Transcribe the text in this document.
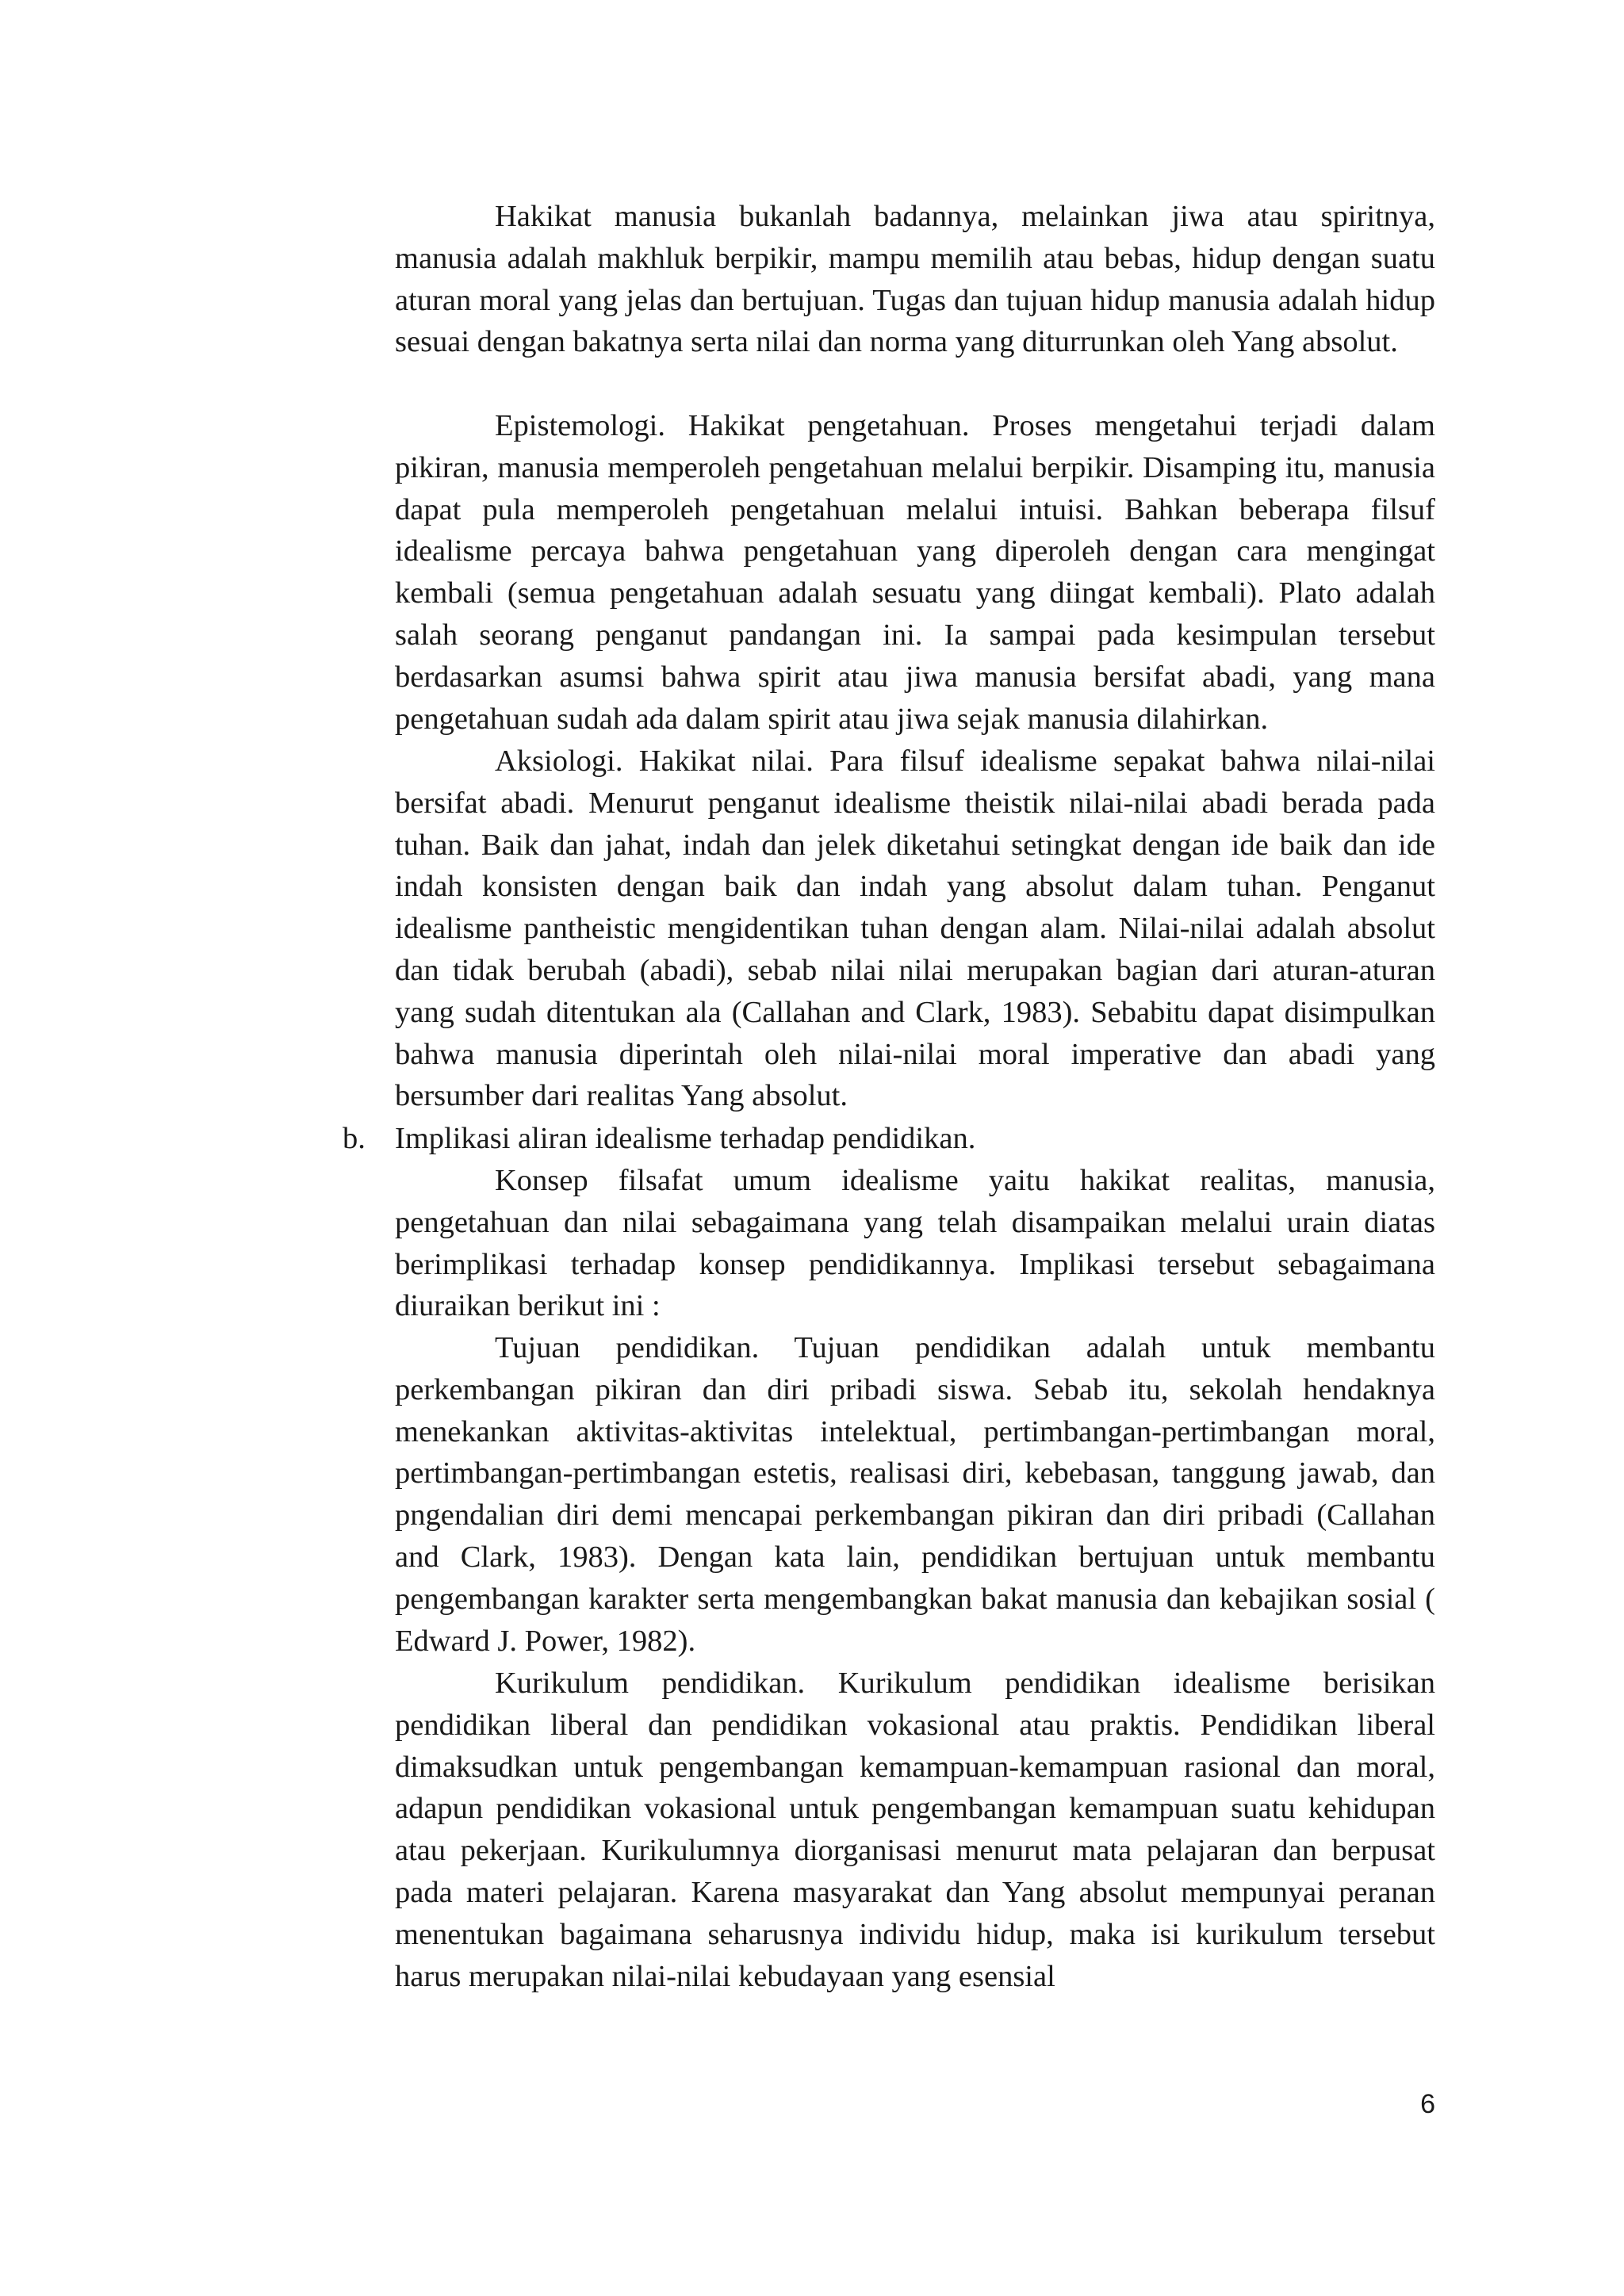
Hakikat manusia bukanlah badannya, melainkan jiwa atau spiritnya, manusia adalah makhluk berpikir, mampu memilih atau bebas, hidup dengan suatu aturan moral yang jelas dan bertujuan. Tugas dan tujuan hidup manusia adalah hidup sesuai dengan bakatnya serta nilai dan norma yang diturrunkan oleh Yang absolut.

Epistemologi. Hakikat pengetahuan. Proses mengetahui terjadi dalam pikiran, manusia memperoleh pengetahuan melalui berpikir. Disamping itu, manusia dapat pula memperoleh pengetahuan melalui intuisi. Bahkan beberapa filsuf idealisme percaya bahwa pengetahuan yang diperoleh dengan cara mengingat kembali (semua pengetahuan adalah sesuatu yang diingat kembali). Plato adalah salah seorang penganut pandangan ini. Ia sampai pada kesimpulan tersebut berdasarkan asumsi bahwa spirit atau jiwa manusia bersifat abadi, yang mana pengetahuan sudah ada dalam spirit atau jiwa sejak manusia dilahirkan.

Aksiologi. Hakikat nilai. Para filsuf idealisme sepakat bahwa nilai-nilai bersifat abadi. Menurut penganut idealisme theistik nilai-nilai abadi berada pada tuhan. Baik dan jahat, indah dan jelek diketahui setingkat dengan ide baik dan ide indah konsisten dengan baik dan indah yang absolut dalam tuhan. Penganut idealisme pantheistic mengidentikan tuhan dengan alam. Nilai-nilai adalah absolut dan tidak berubah (abadi), sebab nilai nilai merupakan bagian dari aturan-aturan yang sudah ditentukan ala (Callahan and Clark, 1983). Sebabitu dapat disimpulkan bahwa manusia diperintah oleh nilai-nilai moral imperative dan abadi yang bersumber dari realitas Yang absolut.

b. Implikasi aliran idealisme terhadap pendidikan.

Konsep filsafat umum idealisme yaitu hakikat realitas, manusia, pengetahuan dan nilai sebagaimana yang telah disampaikan melalui urain diatas berimplikasi terhadap konsep pendidikannya. Implikasi tersebut sebagaimana diuraikan berikut ini :

Tujuan pendidikan. Tujuan pendidikan adalah untuk membantu perkembangan pikiran dan diri pribadi siswa. Sebab itu, sekolah hendaknya menekankan aktivitas-aktivitas intelektual, pertimbangan-pertimbangan moral, pertimbangan-pertimbangan estetis, realisasi diri, kebebasan, tanggung jawab, dan pngendalian diri demi mencapai perkembangan pikiran dan diri pribadi (Callahan and Clark, 1983). Dengan kata lain, pendidikan bertujuan untuk membantu pengembangan karakter serta mengembangkan bakat manusia dan kebajikan sosial ( Edward J. Power, 1982).

Kurikulum pendidikan. Kurikulum pendidikan idealisme berisikan pendidikan liberal dan pendidikan vokasional atau praktis. Pendidikan liberal dimaksudkan untuk pengembangan kemampuan-kemampuan rasional dan moral, adapun pendidikan vokasional untuk pengembangan kemampuan suatu kehidupan atau pekerjaan. Kurikulumnya diorganisasi menurut mata pelajaran dan berpusat pada materi pelajaran. Karena masyarakat dan Yang absolut mempunyai peranan menentukan bagaimana seharusnya individu hidup, maka isi kurikulum tersebut harus merupakan nilai-nilai kebudayaan yang esensial

6
